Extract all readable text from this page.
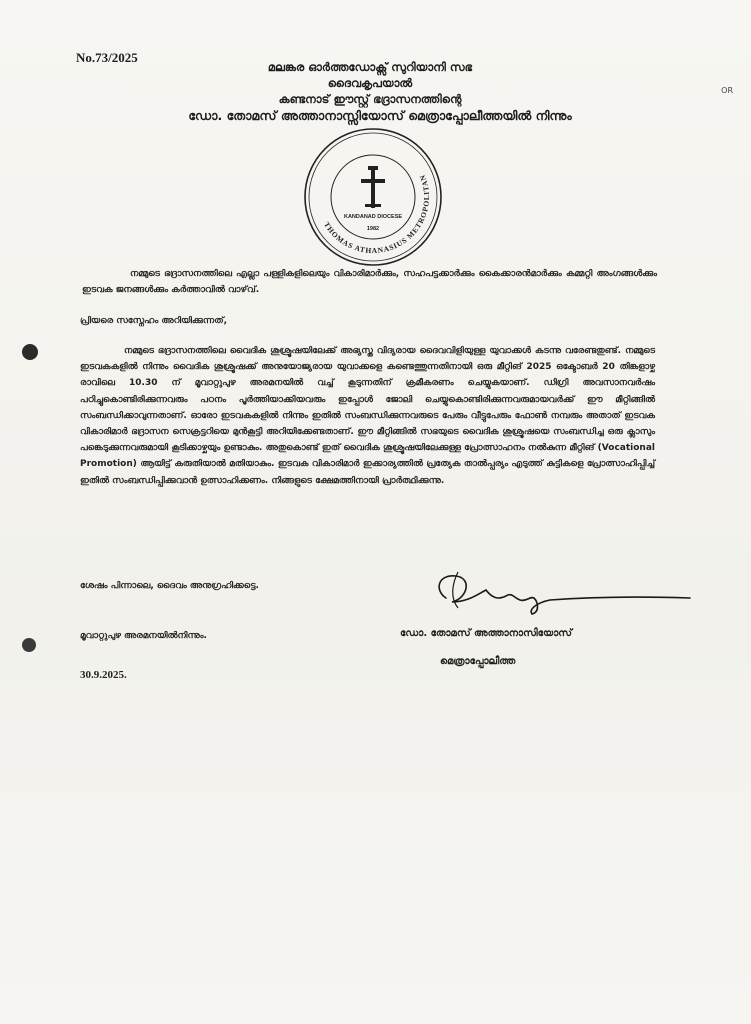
No.73/2025
OR
മലങ്കര ഓർത്തഡോക്സ് സുറിയാനി സഭ
ദൈവകൃപയാൽ
കണ്ടനാട് ഈസ്റ്റ് ഭദ്രാസനത്തിന്റെ
ഡോ. തോമസ് അത്താനാസ്സിയോസ് മെത്രാപ്പോലീത്തയിൽ നിന്നും
THOMAS ATHANASIUS METROPOLITAN
KANDANAD DIOCESE
1982
നമ്മുടെ ഭദ്രാസനത്തിലെ എല്ലാ പള്ളികളിലെയും വികാരിമാർക്കും, സഹപട്ടക്കാർക്കും കൈക്കാരൻമാർക്കും കമ്മറ്റി അംഗങ്ങൾക്കും ഇടവക ജനങ്ങൾക്കും കർത്താവിൽ വാഴ്‌വ്.
പ്രിയരെ സസ്നേഹം അറിയിക്കുന്നത്,
നമ്മുടെ ഭദ്രാസനത്തിലെ വൈദിക ശുശ്രൂഷയിലേക്ക് അഭ്യസ്ത വിദ്യരായ ദൈവവിളിയുള്ള യുവാക്കൾ കടന്നു വരേണ്ടതുണ്ട്. നമ്മുടെ ഇടവകകളിൽ നിന്നും വൈദിക ശുശ്രൂഷക്ക് അനുയോജ്യരായ യുവാക്കളെ കണ്ടെത്തുന്നതിനായി ഒരു മീറ്റിങ് 2025 ഒക്ടോബർ 20 തിങ്കളാഴ്ച രാവിലെ 10.30 ന് മൂവാറ്റുപുഴ അരമനയിൽ വച്ച് കൂടുന്നതിന് ക്രമീകരണം ചെയ്യുകയാണ്. ഡിഗ്രി അവസാനവർഷം പഠിച്ചുകൊണ്ടിരിക്കുന്നവരും പഠനം പൂർത്തിയാക്കിയവരും ഇപ്പോൾ ജോലി ചെയ്യുകൊണ്ടിരിക്കുന്നവരുമായവർക്ക് ഈ മീറ്റിങ്ങിൽ സംബന്ധിക്കാവുന്നതാണ്. ഓരോ ഇടവകകളിൽ നിന്നും ഇതിൽ സംബന്ധിക്കുന്നവരുടെ പേരും വീട്ടുപേരും ഫോൺ നമ്പരും അതാത് ഇടവക വികാരിമാർ ഭദ്രാസന സെക്രട്ടറിയെ മുൻകൂട്ടി അറിയിക്കേണ്ടതാണ്. ഈ മീറ്റിങ്ങിൽ സഭയുടെ വൈദിക ശുശ്രൂഷയെ സംബന്ധിച്ച ഒരു ക്ലാസും പങ്കെടുക്കുന്നവരുമായി കൂടിക്കാഴ്ചയും ഉണ്ടാകും. അതുകൊണ്ട് ഇത് വൈദിക ശുശ്രൂഷയിലേക്കുള്ള പ്രോത്സാഹനം നൽകുന്ന മീറ്റിങ് (Vocational Promotion) ആയിട്ട് കരുതിയാൽ മതിയാകും. ഇടവക വികാരിമാർ ഇക്കാര്യത്തിൽ പ്രത്യേക താൽപ്പര്യം എടുത്ത് കുട്ടികളെ പ്രോത്സാഹിപ്പിച്ച് ഇതിൽ സംബന്ധിപ്പിക്കുവാൻ ഉത്സാഹിക്കണം. നിങ്ങളുടെ ക്ഷേമത്തിനായി പ്രാർത്ഥിക്കുന്നു.
ശേഷം പിന്നാലെ, ദൈവം അനുഗ്രഹിക്കട്ടെ.
മൂവാറ്റുപുഴ അരമനയിൽനിന്നും.	ഡോ. തോമസ് അത്താനാസിയോസ്
മെത്രാപ്പോലീത്ത
30.9.2025.
